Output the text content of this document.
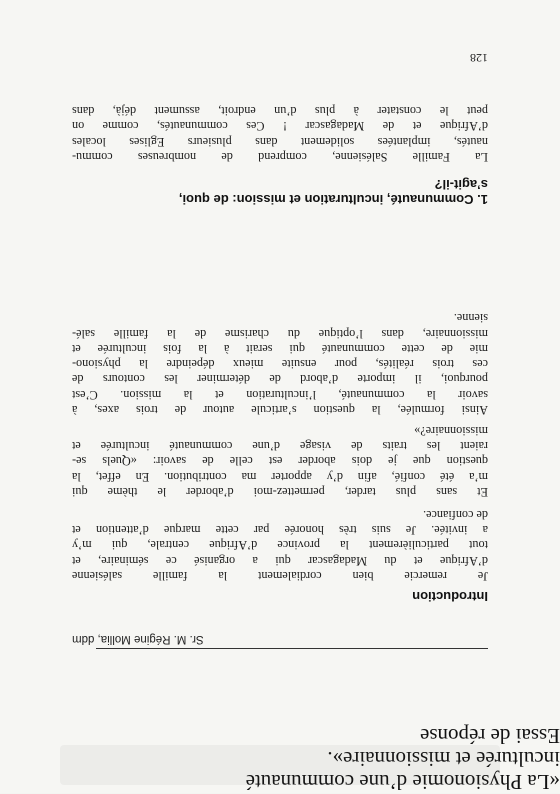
«La Physionomie d’une communauté

inculturée et missionnaire».

Essai de réponse

Sr. M. Régine Mollia, ddm

Introduction

Je remercie bien cordialement la famille salésienne

d’Afrique et du Madagascar qui a organisé ce séminaire, et

tout particulièrement la province d’Afrique centrale, qui m’y

a invitée. Je suis très honorée par cette marque d’attention et

de confiance.

Et sans plus tarder, permettez-moi d’aborder le thème qui

m’a été confié, afin d’y apporter ma contribution. En effet, la

question que je dois aborder est celle de savoir: «Quels se-

raient les traits de visage d’une communauté inculturée et

missionnaire?»

Ainsi formulée, la question s’articule autour de trois axes, à

savoir la communauté, l’inculturation et la mission. C’est

pourquoi, il importe d’abord de déterminer les contours de

ces trois réalités, pour ensuite mieux dépeindre la physiono-

mie de cette communauté qui serait à la fois inculturée et

missionnaire, dans l’optique du charisme de la famille salé-

sienne.

1. Communauté, inculturation et mission: de quoi,

s’agit-il?

La Famille Salésienne, comprend de nombreuses commu-

nautés, implantées solidement dans plusieurs Eglises locales

d’Afrique et de Madagascar ! Ces communautés, comme on

peut le constater à plus d’un endroit, assument déjà, dans

128
